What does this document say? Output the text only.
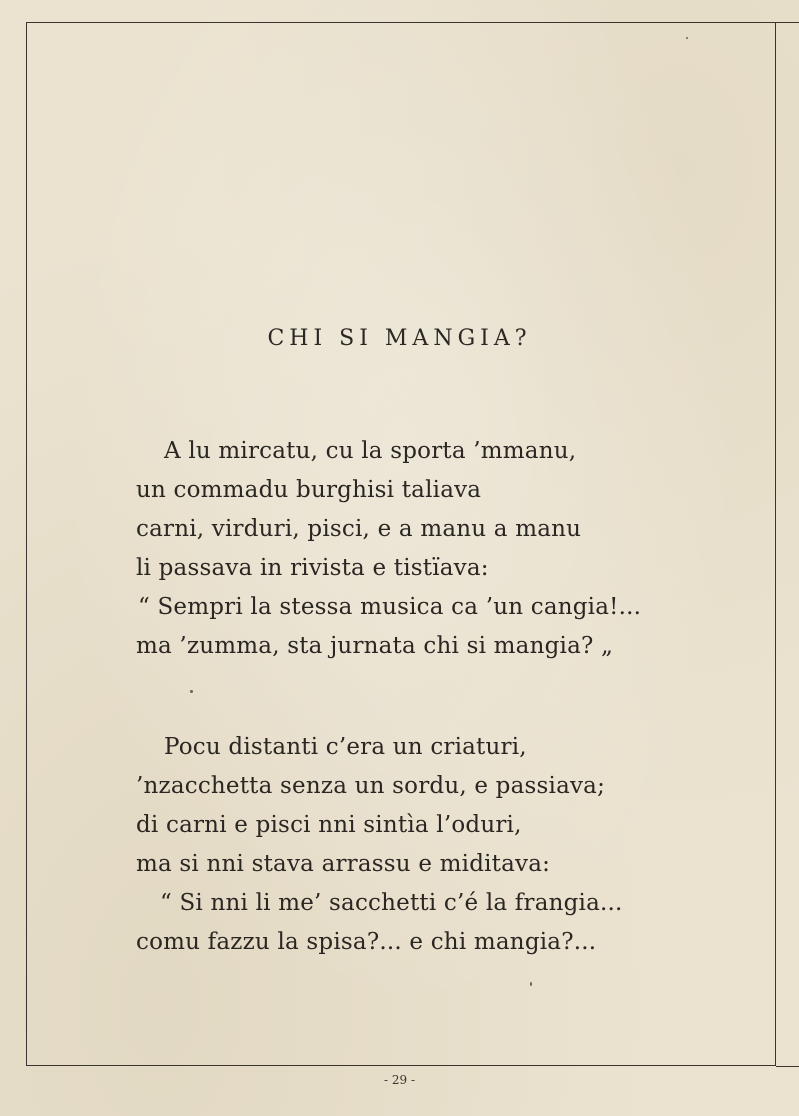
CHI SI MANGIA?
A lu mircatu, cu la sporta ’mmanu,
un commadu burghisi taliava
carni, virduri, pisci, e a manu a manu
li passava in rivista e tistïava:
“ Sempri la stessa musica ca ’un cangia!...
ma ’zumma, sta jurnata chi si mangia? „
Pocu distanti c’era un criaturi,
’nzacchetta senza un sordu, e passiava;
di carni e pisci nni sintìa l’oduri,
ma si nni stava arrassu e miditava:
“ Si nni li me’ sacchetti c’é la frangia...
comu fazzu la spisa?... e chi mangia?...
- 29 -
